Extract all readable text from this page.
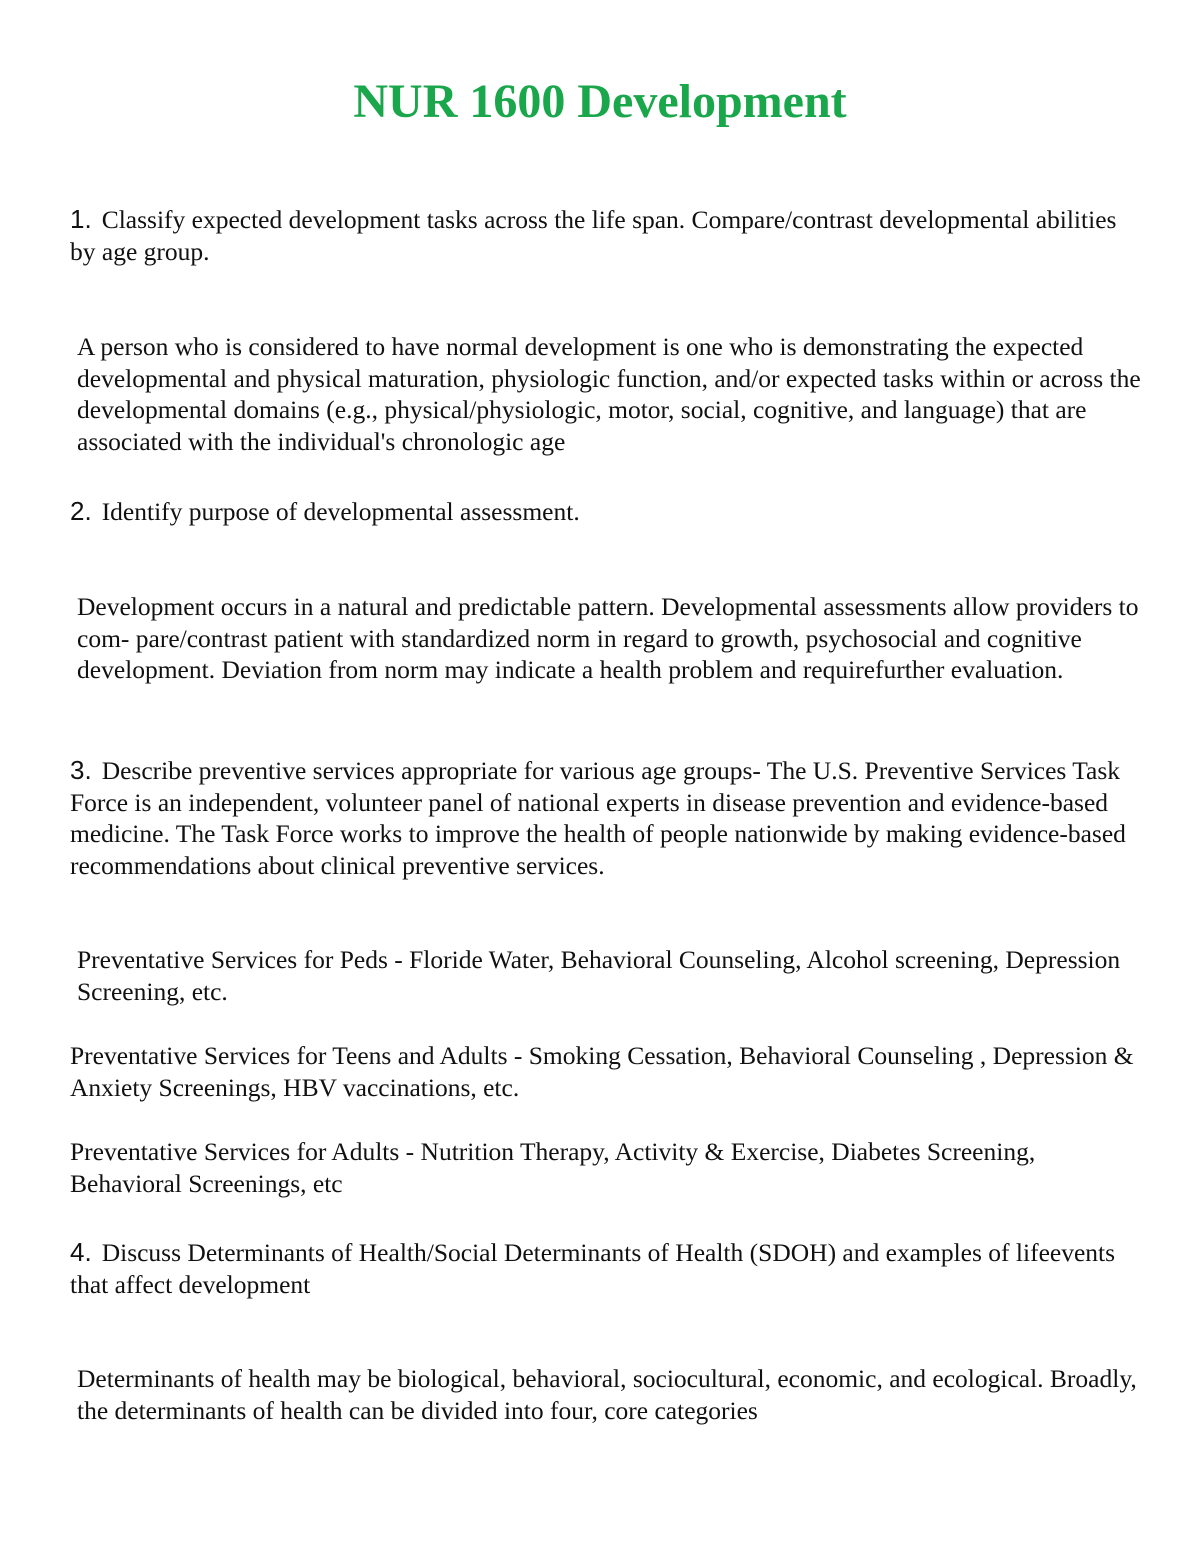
NUR 1600 Development

1. Classify expected development tasks across the life span. Compare/contrast developmental abilities by age group.

A person who is considered to have normal development is one who is demonstrating the expected developmental and physical maturation, physiologic function, and/or expected tasks within or across the developmental domains (e.g., physical/physiologic, motor, social, cognitive, and language) that are associated with the individual's chronologic age

2. Identify purpose of developmental assessment.

Development occurs in a natural and predictable pattern. Developmental assessments allow providers to com- pare/contrast patient with standardized norm in regard to growth, psychosocial and cognitive development. Deviation from norm may indicate a health problem and requirefurther evaluation.

3. Describe preventive services appropriate for various age groups- The U.S. Preventive Services Task Force is an independent, volunteer panel of national experts in disease prevention and evidence-based medicine. The Task Force works to improve the health of people nationwide by making evidence-based recommendations about clinical preventive services.

Preventative Services for Peds - Floride Water, Behavioral Counseling, Alcohol screening, Depression Screening, etc.

Preventative Services for Teens and Adults - Smoking Cessation, Behavioral Counseling , Depression & Anxiety Screenings, HBV vaccinations, etc.

Preventative Services for Adults - Nutrition Therapy, Activity & Exercise, Diabetes Screening, Behavioral Screenings, etc

4. Discuss Determinants of Health/Social Determinants of Health (SDOH) and examples of lifeevents that affect development

Determinants of health may be biological, behavioral, sociocultural, economic, and ecological. Broadly, the determinants of health can be divided into four, core categories
